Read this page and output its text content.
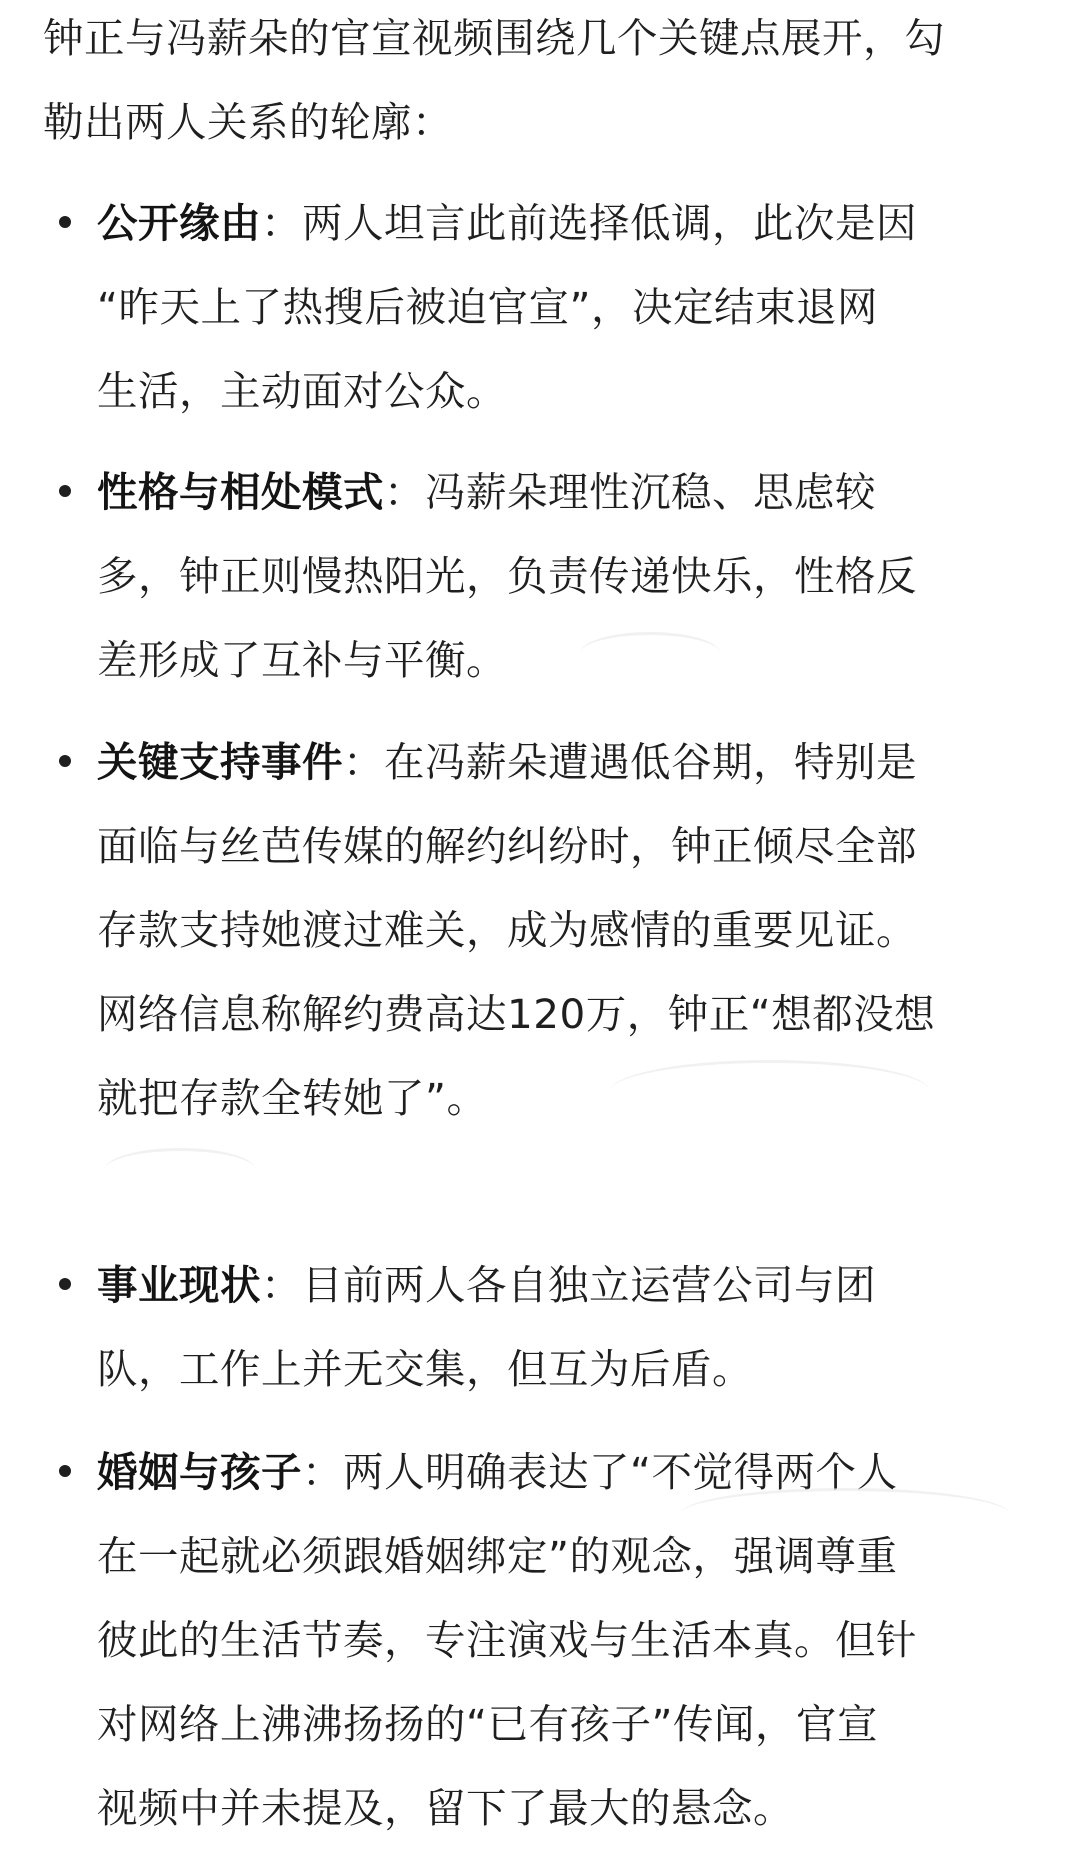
钟正与冯薪朵的官宣视频围绕几个关键点展开，勾
勒出两人关系的轮廓：

公开缘由：两人坦言此前选择低调，此次是因
“昨天上了热搜后被迫官宣”，决定结束退网
生活，主动面对公众。

性格与相处模式：冯薪朵理性沉稳、思虑较
多，钟正则慢热阳光，负责传递快乐，性格反
差形成了互补与平衡。

关键支持事件：在冯薪朵遭遇低谷期，特别是
面临与丝芭传媒的解约纠纷时，钟正倾尽全部
存款支持她渡过难关，成为感情的重要见证。
网络信息称解约费高达120万，钟正“想都没想
就把存款全转她了”。

事业现状：目前两人各自独立运营公司与团
队，工作上并无交集，但互为后盾。

婚姻与孩子：两人明确表达了“不觉得两个人
在一起就必须跟婚姻绑定”的观念，强调尊重
彼此的生活节奏，专注演戏与生活本真。但针
对网络上沸沸扬扬的“已有孩子”传闻，官宣
视频中并未提及，留下了最大的悬念。
